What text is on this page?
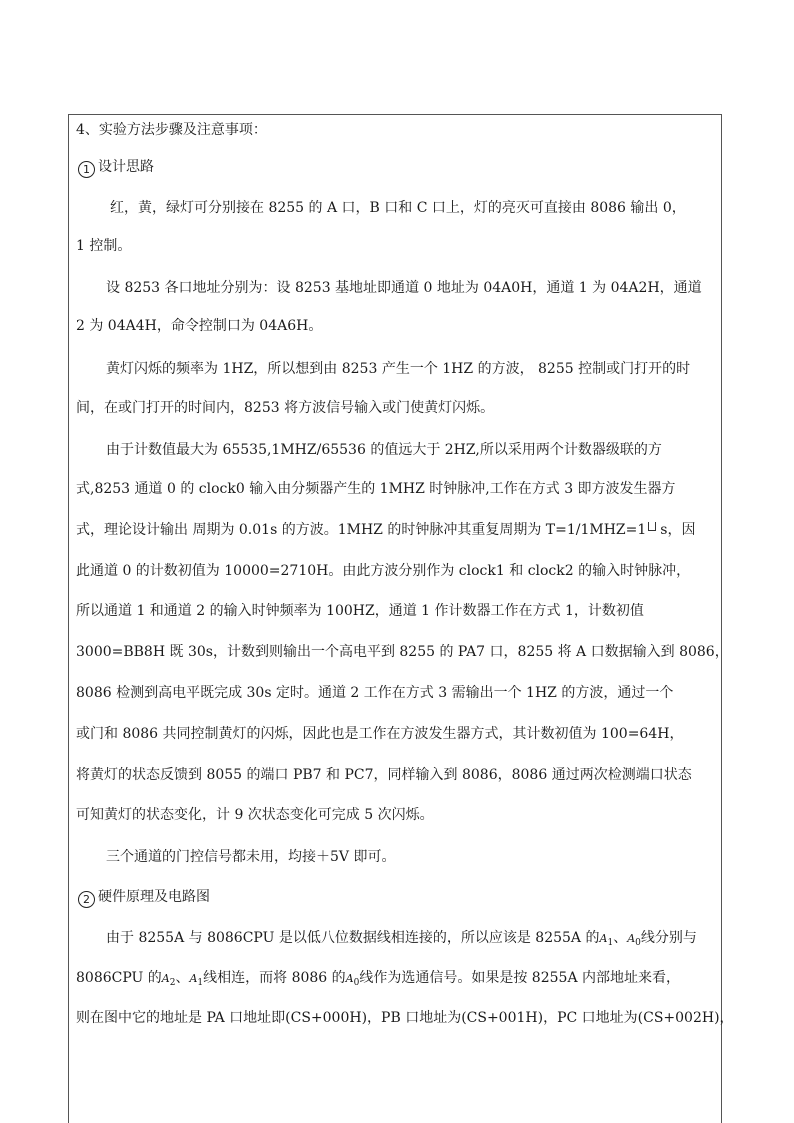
4、实验方法步骤及注意事项：
1 设计思路
红，黄，绿灯可分别接在 8255 的 A 口，B 口和 C 口上，灯的亮灭可直接由 8086 输出 0，
1 控制。
设 8253 各口地址分别为：设 8253 基地址即通道 0 地址为 04A0H，通道 1 为 04A2H，通道
2 为 04A4H，命令控制口为 04A6H。
黄灯闪烁的频率为 1HZ，所以想到由 8253 产生一个 1HZ 的方波， 8255 控制或门打开的时
间，在或门打开的时间内，8253 将方波信号输入或门使黄灯闪烁。
由于计数值最大为 65535,1MHZ/65536 的值远大于 2HZ,所以采用两个计数器级联的方
式,8253 通道 0 的 clock0 输入由分频器产生的 1MHZ 时钟脉冲,工作在方式 3 即方波发生器方
式，理论设计输出 周期为 0.01s 的方波。1MHZ 的时钟脉冲其重复周期为 T=1/1MHZ=1 s，因
此通道 0 的计数初值为 10000=2710H。由此方波分别作为 clock1 和 clock2 的输入时钟脉冲，
所以通道 1 和通道 2 的输入时钟频率为 100HZ，通道 1 作计数器工作在方式 1，计数初值
3000=BB8H 既 30s，计数到则输出一个高电平到 8255 的 PA7 口，8255 将 A 口数据输入到 8086，
8086 检测到高电平既完成 30s 定时。通道 2 工作在方式 3 需输出一个 1HZ 的方波，通过一个
或门和 8086 共同控制黄灯的闪烁，因此也是工作在方波发生器方式，其计数初值为 100=64H，
将黄灯的状态反馈到 8055 的端口 PB7 和 PC7，同样输入到 8086，8086 通过两次检测端口状态
可知黄灯的状态变化，计 9 次状态变化可完成 5 次闪烁。
三个通道的门控信号都未用，均接＋5V 即可。
2 硬件原理及电路图
由于 8255A 与 8086CPU 是以低八位数据线相连接的，所以应该是 8255A 的$A_1$、$A_0$线分别与
8086CPU 的$A_2$、$A_1$线相连，而将 8086 的$A_0$线作为选通信号。如果是按 8255A 内部地址来看，
则在图中它的地址是 PA 口地址即(CS+000H)，PB 口地址为(CS+001H)，PC 口地址为(CS+002H)，
